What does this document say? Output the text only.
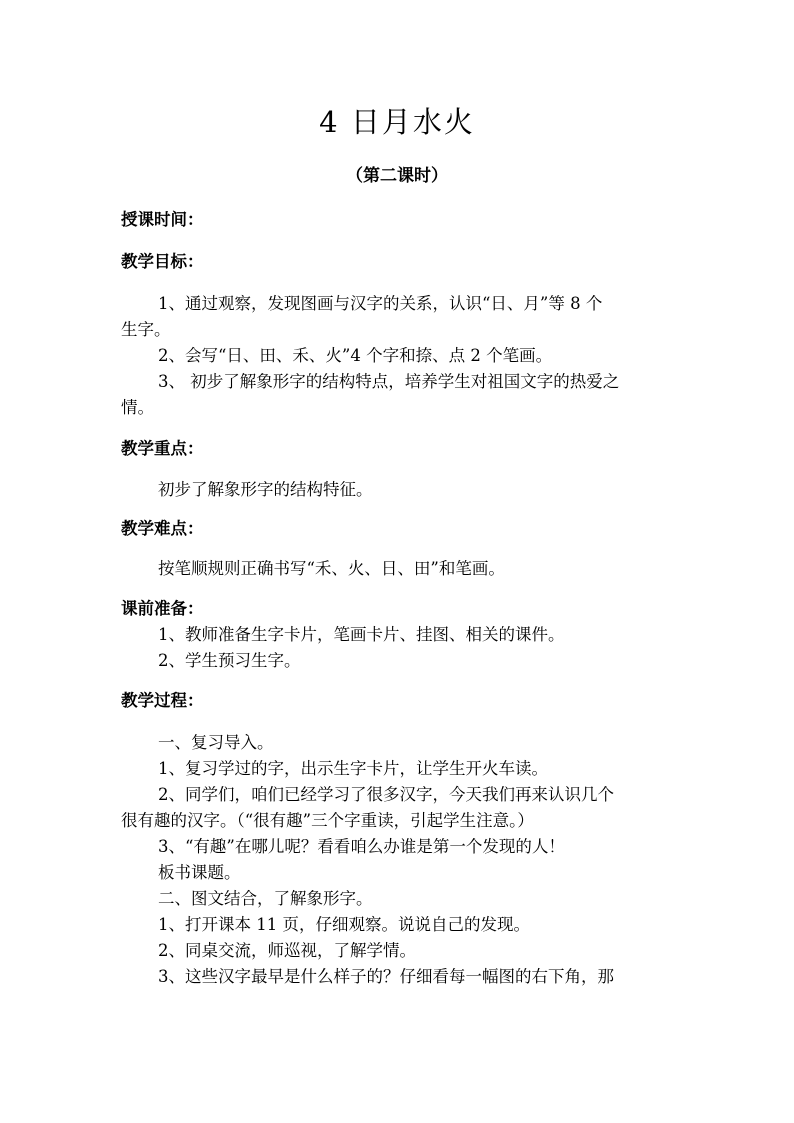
4 日月水火
（第二课时）
授课时间：
教学目标：
1、通过观察，发现图画与汉字的关系，认识“日、月”等 8 个
生字。
2、会写“日、田、禾、火”4 个字和捺、点 2 个笔画。
3、 初步了解象形字的结构特点，培养学生对祖国文字的热爱之
情。
教学重点：
初步了解象形字的结构特征。
教学难点：
按笔顺规则正确书写“禾、火、日、田”和笔画。
课前准备：
1、教师准备生字卡片，笔画卡片、挂图、相关的课件。
2、学生预习生字。
教学过程：
一、复习导入。
1、复习学过的字，出示生字卡片，让学生开火车读。
2、同学们，咱们已经学习了很多汉字，今天我们再来认识几个
很有趣的汉字。（“很有趣”三个字重读，引起学生注意。）
3、“有趣”在哪儿呢？看看咱么办谁是第一个发现的人！
板书课题。
二、图文结合，了解象形字。
1、打开课本 11 页，仔细观察。说说自己的发现。
2、同桌交流，师巡视，了解学情。
3、这些汉字最早是什么样子的？仔细看每一幅图的右下角，那
